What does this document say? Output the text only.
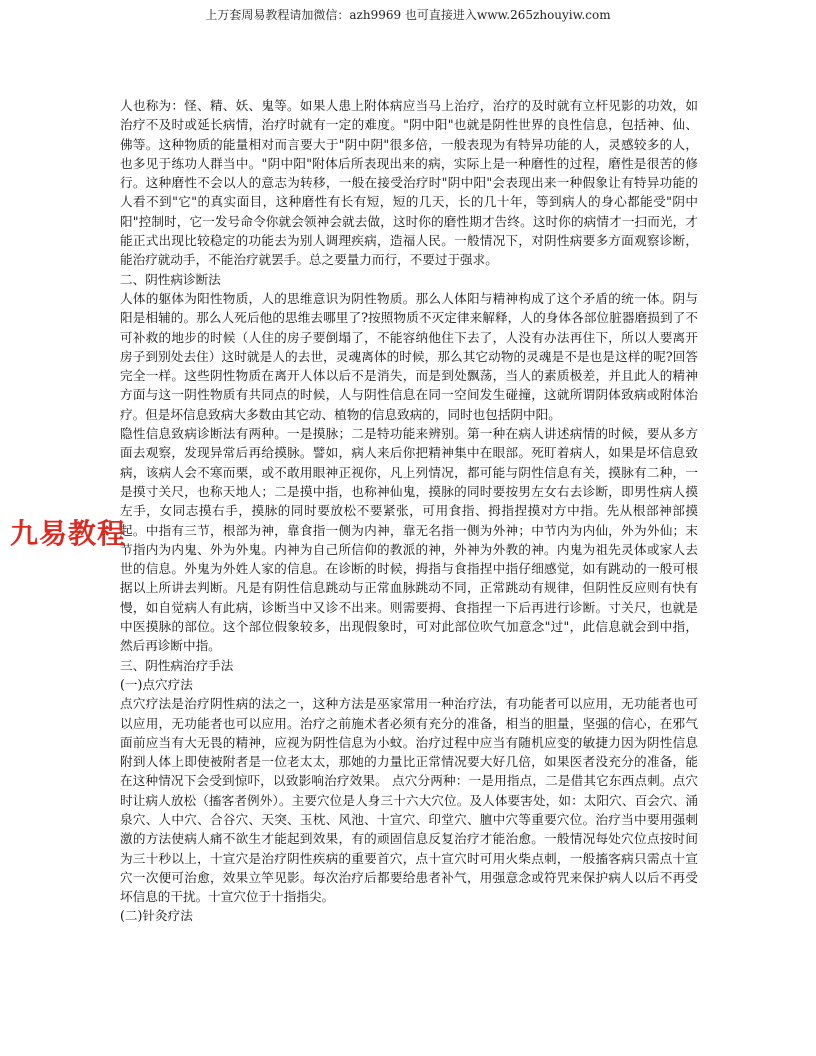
上万套周易教程请加微信：azh9969 也可直接进入www.265zhouyiw.com
九易教程

人也称为：怪、精、妖、鬼等。如果人患上附体病应当马上治疗，治疗的及时就有立杆见影的功效，如治疗不及时或延长病情，治疗时就有一定的难度。"阴中阳"也就是阴性世界的良性信息，包括神、仙、佛等。这种物质的能量相对而言要大于"阴中阴"很多倍，一般表现为有特异功能的人，灵感较多的人，也多见于练功人群当中。"阴中阳"附体后所表现出来的病，实际上是一种磨性的过程，磨性是很苦的修行。这种磨性不会以人的意志为转移，一般在接受治疗时"阴中阳"会表现出来一种假象让有特异功能的人看不到"它"的真实面目，这种磨性有长有短，短的几天，长的几十年，等到病人的身心都能受"阴中阳"控制时，它一发号命令你就会领神会就去做，这时你的磨性期才告终。这时你的病情才一扫而光，才能正式出现比较稳定的功能去为别人调理疾病，造福人民。一般情况下，对阴性病要多方面观察诊断，能治疗就动手，不能治疗就罢手。总之要量力而行，不要过于强求。

二、阴性病诊断法

人体的躯体为阳性物质，人的思维意识为阴性物质。那么人体阳与精神构成了这个矛盾的统一体。阴与阳是相辅的。那么人死后他的思维去哪里了?按照物质不灭定律来解释，人的身体各部位脏器磨损到了不可补救的地步的时候（人住的房子要倒塌了，不能容纳他住下去了，人没有办法再住下，所以人要离开房子到别处去住）这时就是人的去世，灵魂离体的时候，那么其它动物的灵魂是不是也是这样的呢?回答完全一样。这些阴性物质在离开人体以后不是消失，而是到处飘荡，当人的素质极差，并且此人的精神方面与这一阴性物质有共同点的时候，人与阴性信息在同一空间发生碰撞，这就所谓阴体致病或附体治疗。但是坏信息致病大多数由其它动、植物的信息致病的，同时也包括阴中阳。

隐性信息致病诊断法有两种。一是摸脉；二是特功能来辨别。第一种在病人讲述病情的时候，要从多方面去观察，发现异常后再给摸脉。譬如，病人来后你把精神集中在眼部。死盯着病人，如果是坏信息致病，该病人会不寒而栗，或不敢用眼神正视你，凡上列情况，都可能与阴性信息有关，摸脉有二种，一是摸寸关尺，也称天地人；二是摸中指，也称神仙鬼，摸脉的同时要按男左女右去诊断，即男性病人摸左手，女同志摸右手，摸脉的同时要放松不要紧张，可用食指、拇指捏摸对方中指。先从根部神部摸起。中指有三节，根部为神，靠食指一侧为内神，靠无名指一侧为外神；中节内为内仙，外为外仙；末节指内为内鬼、外为外鬼。内神为自己所信仰的教派的神，外神为外教的神。内鬼为祖先灵体或家人去世的信息。外鬼为外姓人家的信息。在诊断的时候，拇指与食指捏中指仔细感觉，如有跳动的一般可根据以上所讲去判断。凡是有阴性信息跳动与正常血脉跳动不同，正常跳动有规律，但阴性反应则有快有慢，如自觉病人有此病，诊断当中又诊不出来。则需要拇、食指捏一下后再进行诊断。寸关尺，也就是中医摸脉的部位。这个部位假象较多，出现假象时，可对此部位吹气加意念"过"，此信息就会到中指，然后再诊断中指。

三、阴性病治疗手法
(一)点穴疗法

点穴疗法是治疗阴性病的法之一，这种方法是巫家常用一种治疗法，有功能者可以应用，无功能者也可以应用，无功能者也可以应用。治疗之前施术者必须有充分的准备，相当的胆量，坚强的信心，在邪气面前应当有大无畏的精神，应视为阴性信息为小蚊。治疗过程中应当有随机应变的敏捷力因为阴性信息附到人体上即使被附者是一位老太太，那她的力量比正常情况要大好几倍，如果医者没充分的准备，能在这种情况下会受到惊吓，以致影响治疗效果。 点穴分两种：一是用指点，二是借其它东西点刺。点穴时让病人放松（搐客者例外）。主要穴位是人身三十六大穴位。及人体要害处，如：太阳穴、百会穴、涌泉穴、人中穴、合谷穴、天突、玉枕、风池、十宣穴、印堂穴、膻中穴等重要穴位。治疗当中要用强刺激的方法使病人痛不欲生才能起到效果，有的顽固信息反复治疗才能治愈。一般情况每处穴位点按时间为三十秒以上，十宣穴是治疗阴性疾病的重要首穴，点十宣穴时可用火柴点刺，一般搐客病只需点十宣穴一次便可治愈，效果立竿见影。每次治疗后都要给患者补气，用强意念或符咒来保护病人以后不再受坏信息的干扰。十宣穴位于十指指尖。

(二)针灸疗法
